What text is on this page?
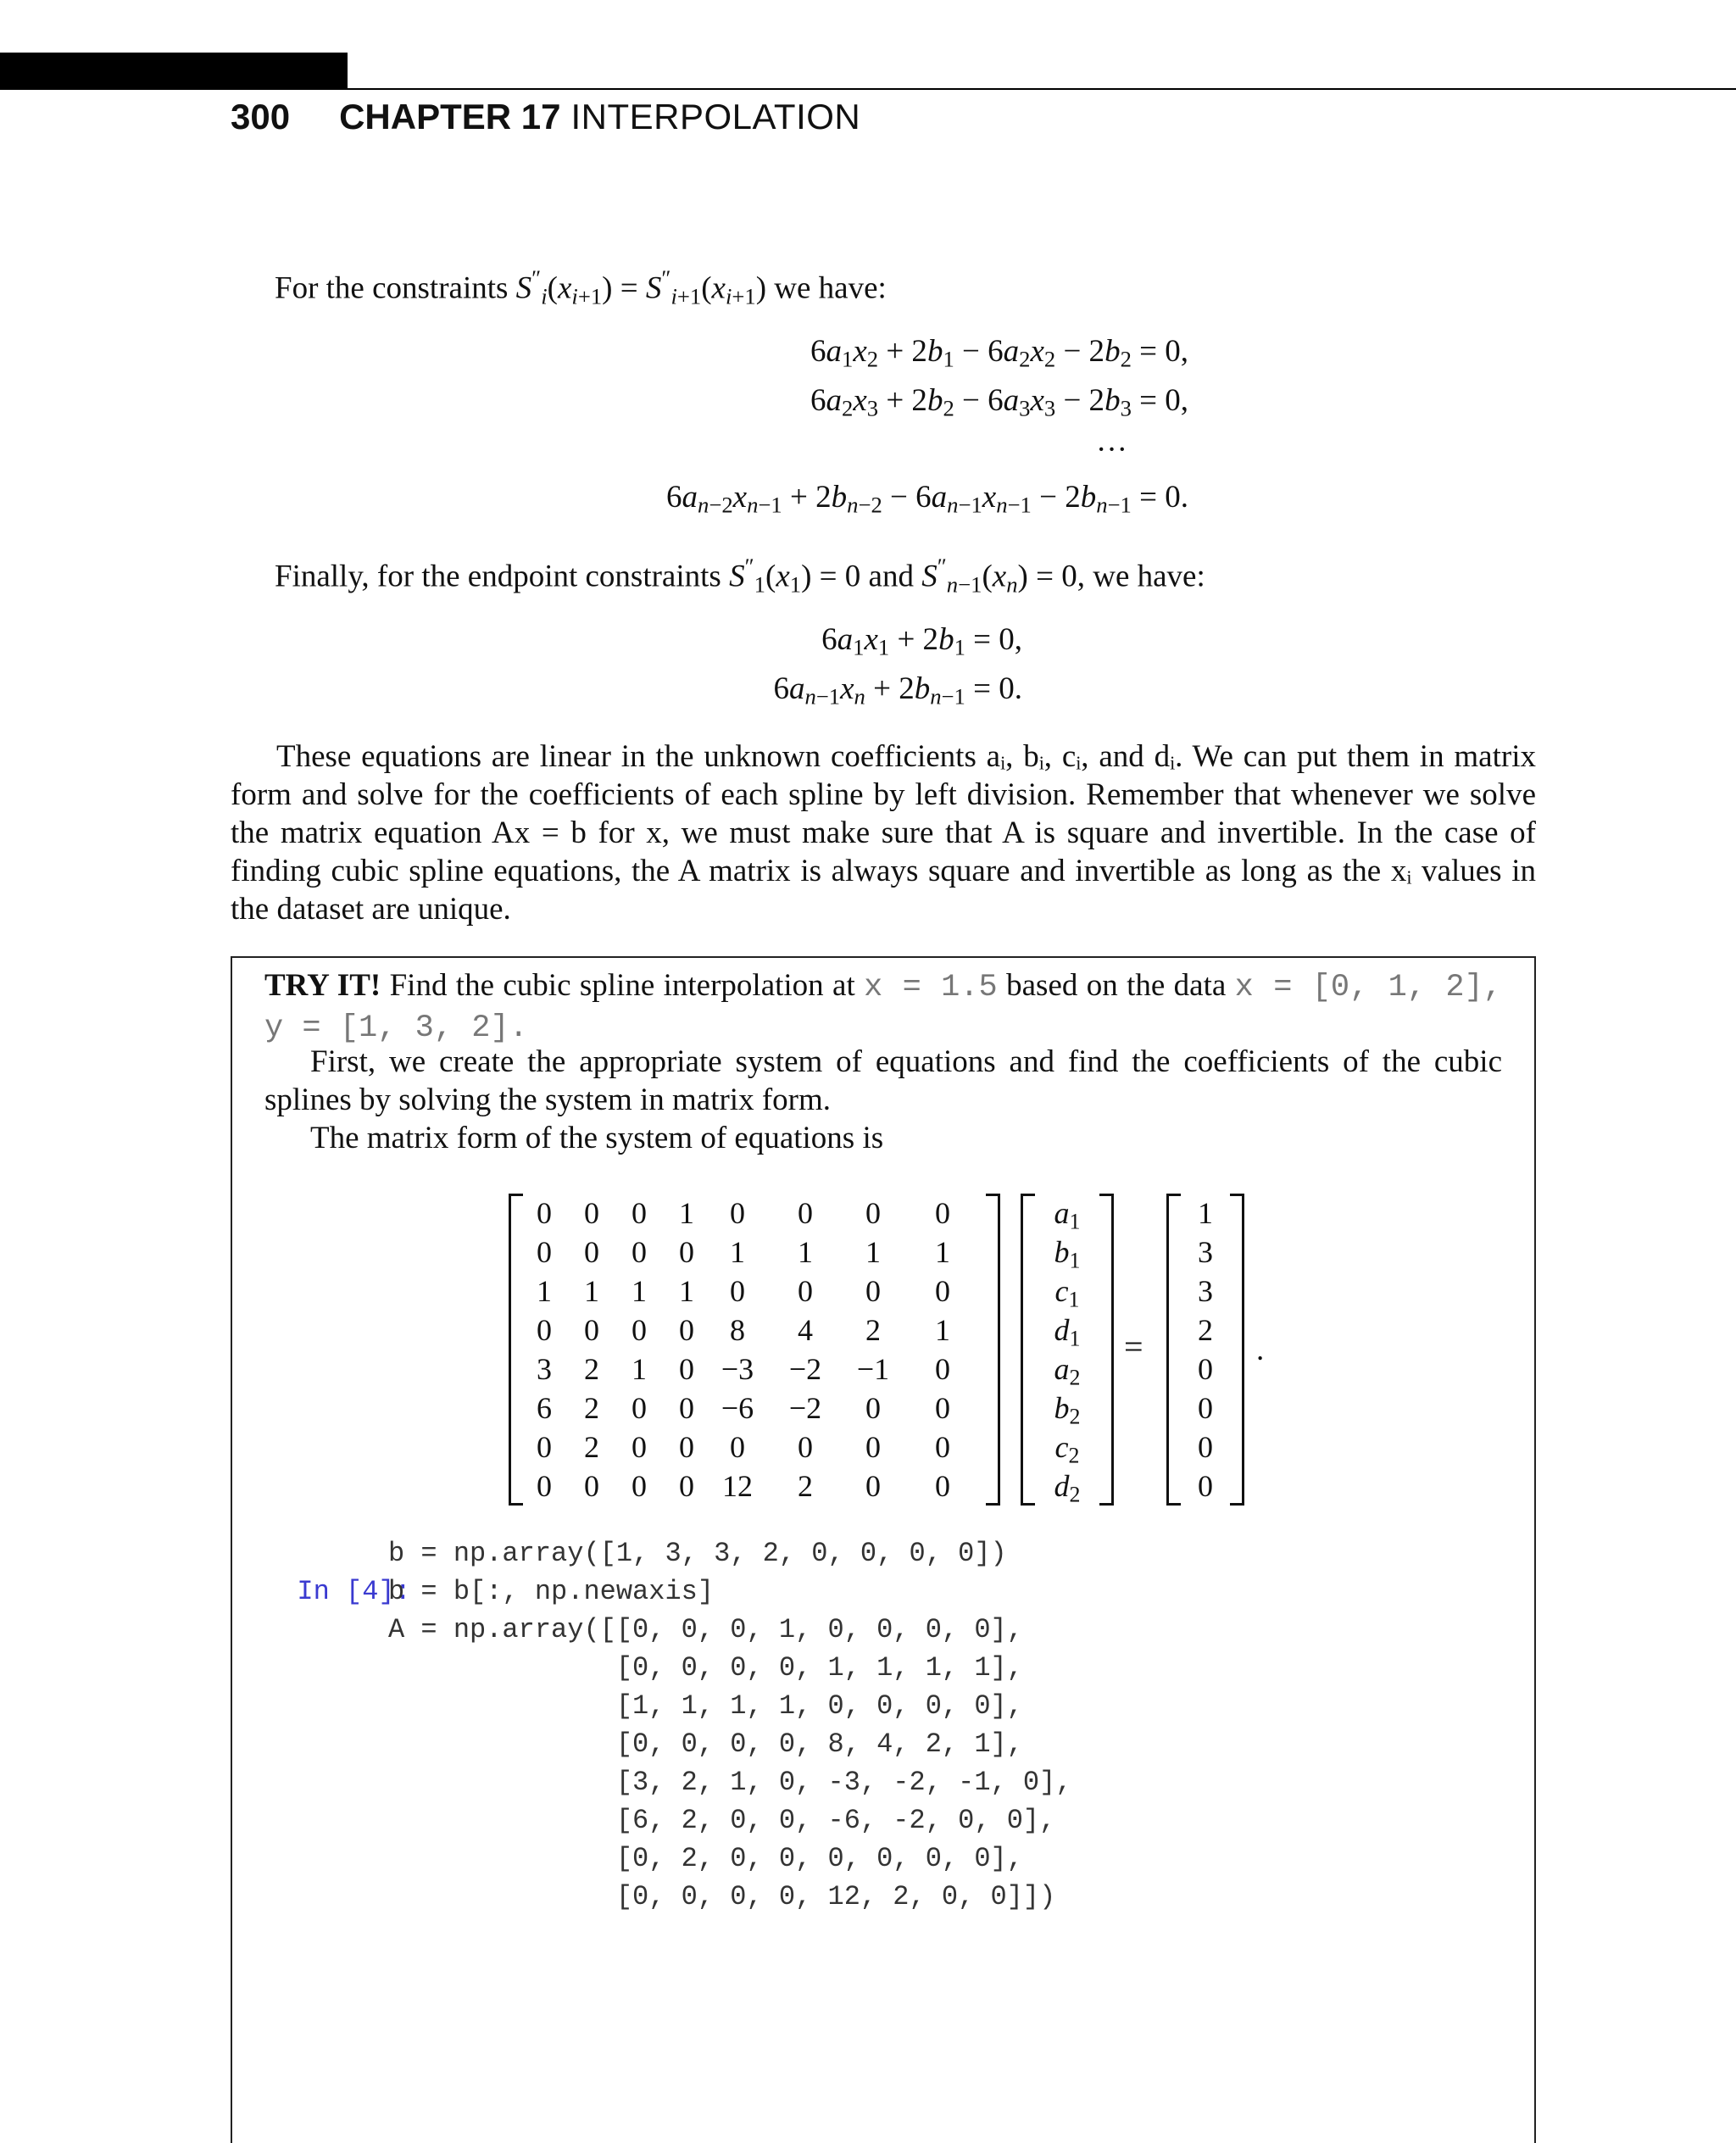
300 CHAPTER 17 INTERPOLATION
For the constraints $S''_i(x_{i+1}) = S''_{i+1}(x_{i+1})$ we have:
$6a_1x_2 + 2b_1 - 6a_2x_2 - 2b_2 = 0$,
$6a_2x_3 + 2b_2 - 6a_3x_3 - 2b_3 = 0$,
···
$6a_{n-2}x_{n-1} + 2b_{n-2} - 6a_{n-1}x_{n-1} - 2b_{n-1} = 0$.
Finally, for the endpoint constraints $S''_1(x_1) = 0$ and $S''_{n-1}(x_n) = 0$, we have:
$6a_1x_1 + 2b_1 = 0$,
$6a_{n-1}x_n + 2b_{n-1} = 0$.
These equations are linear in the unknown coefficients aᵢ, bᵢ, cᵢ, and dᵢ. We can put them in matrix form and solve for the coefficients of each spline by left division. Remember that whenever we solve the matrix equation Ax = b for x, we must make sure that A is square and invertible. In the case of finding cubic spline equations, the A matrix is always square and invertible as long as the xᵢ values in the dataset are unique.
TRY IT! Find the cubic spline interpolation at x = 1.5 based on the data x = [0, 1, 2], y = [1, 3, 2].
First, we create the appropriate system of equations and find the coefficients of the cubic splines by solving the system in matrix form.
The matrix form of the system of equations is
0	0	0	1	0	0	0	0
0	0	0	0	1	1	1	1
1	1	1	1	0	0	0	0
0	0	0	0	8	4	2	1
3	2	1	0 −3	−2	−1	0
6	2	0	0 −6	−2	0	0
0	2	0	0	0	0	0	0
0	0	0	0 12	2	0	0
a1
b1
c1
d1
a2
b2
c2
d2
=
1
3
3
2
0
0
0
0
.

In [4]:

b = np.array([1, 3, 3, 2, 0, 0, 0, 0])
b = b[:, np.newaxis]
A = np.array([[0, 0, 0, 1, 0, 0, 0, 0],
[0, 0, 0, 0, 1, 1, 1, 1],
[1, 1, 1, 1, 0, 0, 0, 0],
[0, 0, 0, 0, 8, 4, 2, 1],
[3, 2, 1, 0, -3, -2, -1, 0],
[6, 2, 0, 0, -6, -2, 0, 0],
[0, 2, 0, 0, 0, 0, 0, 0],
[0, 0, 0, 0, 12, 2, 0, 0]])
